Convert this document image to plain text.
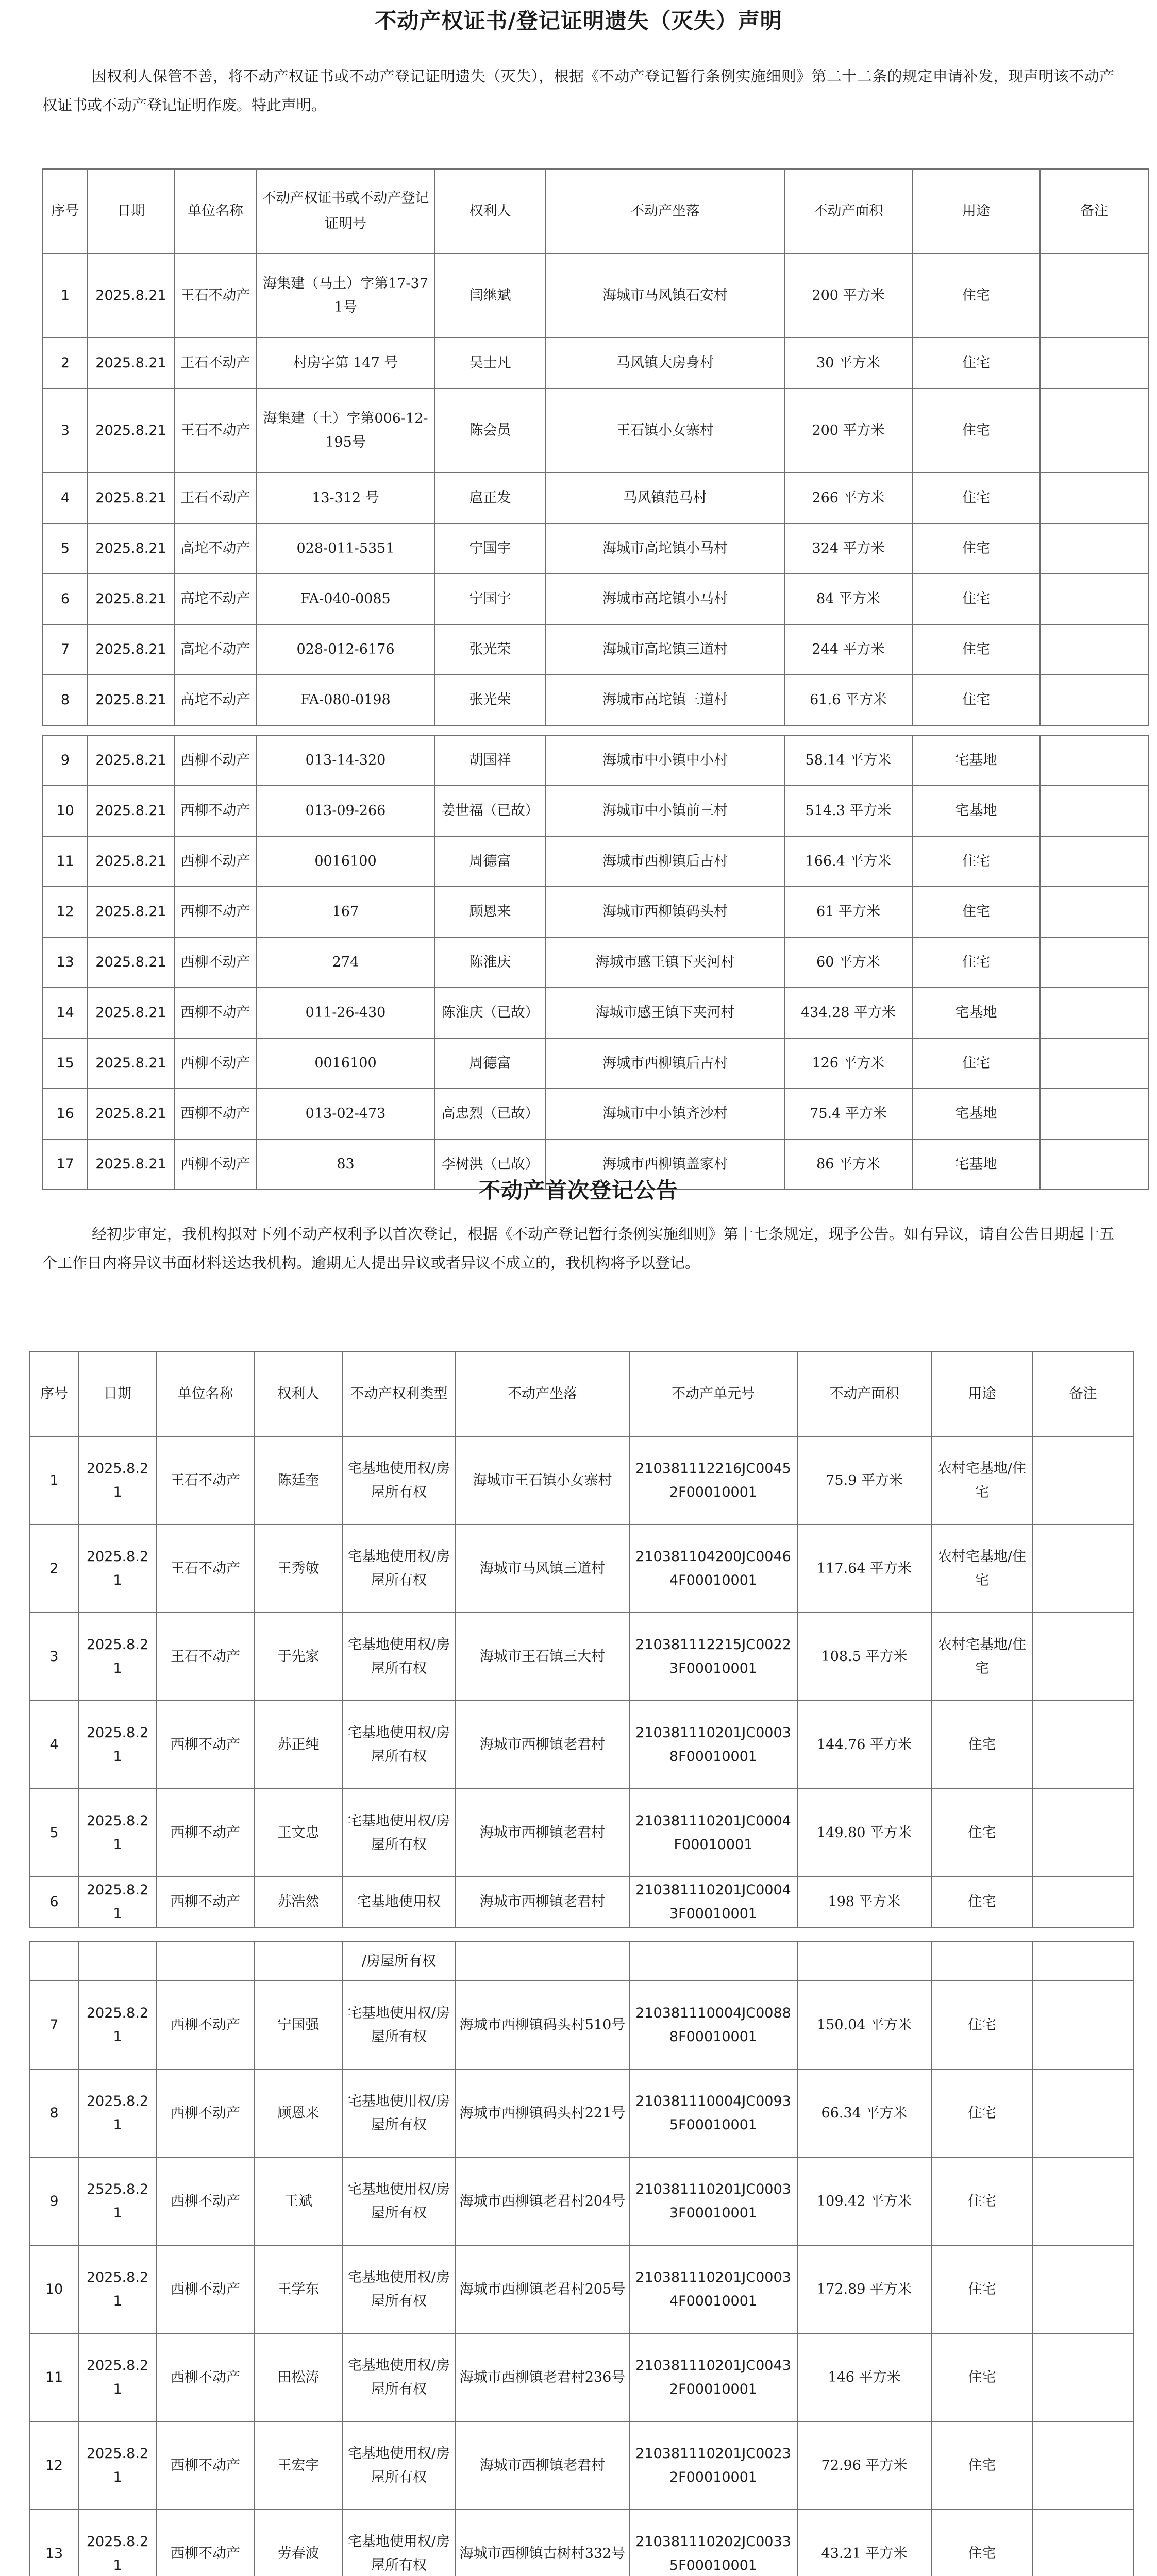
不动产权证书/登记证明遗失（灭失）声明
因权利人保管不善，将不动产权证书或不动产登记证明遗失（灭失），根据《不动产登记暂行条例实施细则》第二十二条的规定申请补发，现声明该不动产权证书或不动产登记证明作废。特此声明。
序号	日期	单位名称	不动产权证书或不动产登记证明号	权利人	不动产坐落	不动产面积	用途	备注
1	2025.8.21	王石不动产	海集建（马土）字第17-371号	闫继斌	海城市马风镇石安村	200 平方米	住宅	
2	2025.8.21	王石不动产	村房字第 147 号	吴士凡	马风镇大房身村	30 平方米	住宅	
3	2025.8.21	王石不动产	海集建（土）字第006-12-195号	陈会员	王石镇小女寨村	200 平方米	住宅	
4	2025.8.21	王石不动产	13-312 号	扈正发	马风镇范马村	266 平方米	住宅	
5	2025.8.21	高坨不动产	028-011-5351	宁国宇	海城市高坨镇小马村	324 平方米	住宅	
6	2025.8.21	高坨不动产	FA-040-0085	宁国宇	海城市高坨镇小马村	84 平方米	住宅	
7	2025.8.21	高坨不动产	028-012-6176	张光荣	海城市高坨镇三道村	244 平方米	住宅	
8	2025.8.21	高坨不动产	FA-080-0198	张光荣	海城市高坨镇三道村	61.6 平方米	住宅	
9	2025.8.21	西柳不动产	013-14-320	胡国祥	海城市中小镇中小村	58.14 平方米	宅基地	
10	2025.8.21	西柳不动产	013-09-266	姜世福（已故）	海城市中小镇前三村	514.3 平方米	宅基地	
11	2025.8.21	西柳不动产	0016100	周德富	海城市西柳镇后古村	166.4 平方米	住宅	
12	2025.8.21	西柳不动产	167	顾恩来	海城市西柳镇码头村	61 平方米	住宅	
13	2025.8.21	西柳不动产	274	陈淮庆	海城市感王镇下夹河村	60 平方米	住宅	
14	2025.8.21	西柳不动产	011-26-430	陈淮庆（已故）	海城市感王镇下夹河村	434.28 平方米	宅基地	
15	2025.8.21	西柳不动产	0016100	周德富	海城市西柳镇后古村	126 平方米	住宅	
16	2025.8.21	西柳不动产	013-02-473	高忠烈（已故）	海城市中小镇齐沙村	75.4 平方米	宅基地	
17	2025.8.21	西柳不动产	83	李树洪（已故）	海城市西柳镇盖家村	86 平方米	宅基地	
不动产首次登记公告
经初步审定，我机构拟对下列不动产权利予以首次登记，根据《不动产登记暂行条例实施细则》第十七条规定，现予公告。如有异议，请自公告日期起十五个工作日内将异议书面材料送达我机构。逾期无人提出异议或者异议不成立的，我机构将予以登记。
序号	日期	单位名称	权利人	不动产权利类型	不动产坐落	不动产单元号	不动产面积	用途	备注
1	2025.8.21	王石不动产	陈廷奎	宅基地使用权/房屋所有权	海城市王石镇小女寨村	210381112216JC00452F00010001	75.9 平方米	农村宅基地/住宅	
2	2025.8.21	王石不动产	王秀敏	宅基地使用权/房屋所有权	海城市马风镇三道村	210381104200JC00464F00010001	117.64 平方米	农村宅基地/住宅	
3	2025.8.21	王石不动产	于先家	宅基地使用权/房屋所有权	海城市王石镇三大村	210381112215JC00223F00010001	108.5 平方米	农村宅基地/住宅	
4	2025.8.21	西柳不动产	苏正纯	宅基地使用权/房屋所有权	海城市西柳镇老君村	210381110201JC00038F00010001	144.76 平方米	住宅	
5	2025.8.21	西柳不动产	王文忠	宅基地使用权/房屋所有权	海城市西柳镇老君村	210381110201JC0004F00010001	149.80 平方米	住宅	
6	2025.8.21	西柳不动产	苏浩然	宅基地使用权	海城市西柳镇老君村	210381110201JC00043F00010001	198 平方米	住宅	
				/房屋所有权					
7	2025.8.21	西柳不动产	宁国强	宅基地使用权/房屋所有权	海城市西柳镇码头村510号	210381110004JC00888F00010001	150.04 平方米	住宅	
8	2025.8.21	西柳不动产	顾恩来	宅基地使用权/房屋所有权	海城市西柳镇码头村221号	210381110004JC00935F00010001	66.34 平方米	住宅	
9	2525.8.21	西柳不动产	王斌	宅基地使用权/房屋所有权	海城市西柳镇老君村204号	210381110201JC00033F00010001	109.42 平方米	住宅	
10	2025.8.21	西柳不动产	王学东	宅基地使用权/房屋所有权	海城市西柳镇老君村205号	210381110201JC00034F00010001	172.89 平方米	住宅	
11	2025.8.21	西柳不动产	田松涛	宅基地使用权/房屋所有权	海城市西柳镇老君村236号	210381110201JC00432F00010001	146 平方米	住宅	
12	2025.8.21	西柳不动产	王宏宇	宅基地使用权/房屋所有权	海城市西柳镇老君村	210381110201JC00232F00010001	72.96 平方米	住宅	
13	2025.8.21	西柳不动产	劳春波	宅基地使用权/房屋所有权	海城市西柳镇古树村332号	210381110202JC00335F00010001	43.21 平方米	住宅	
